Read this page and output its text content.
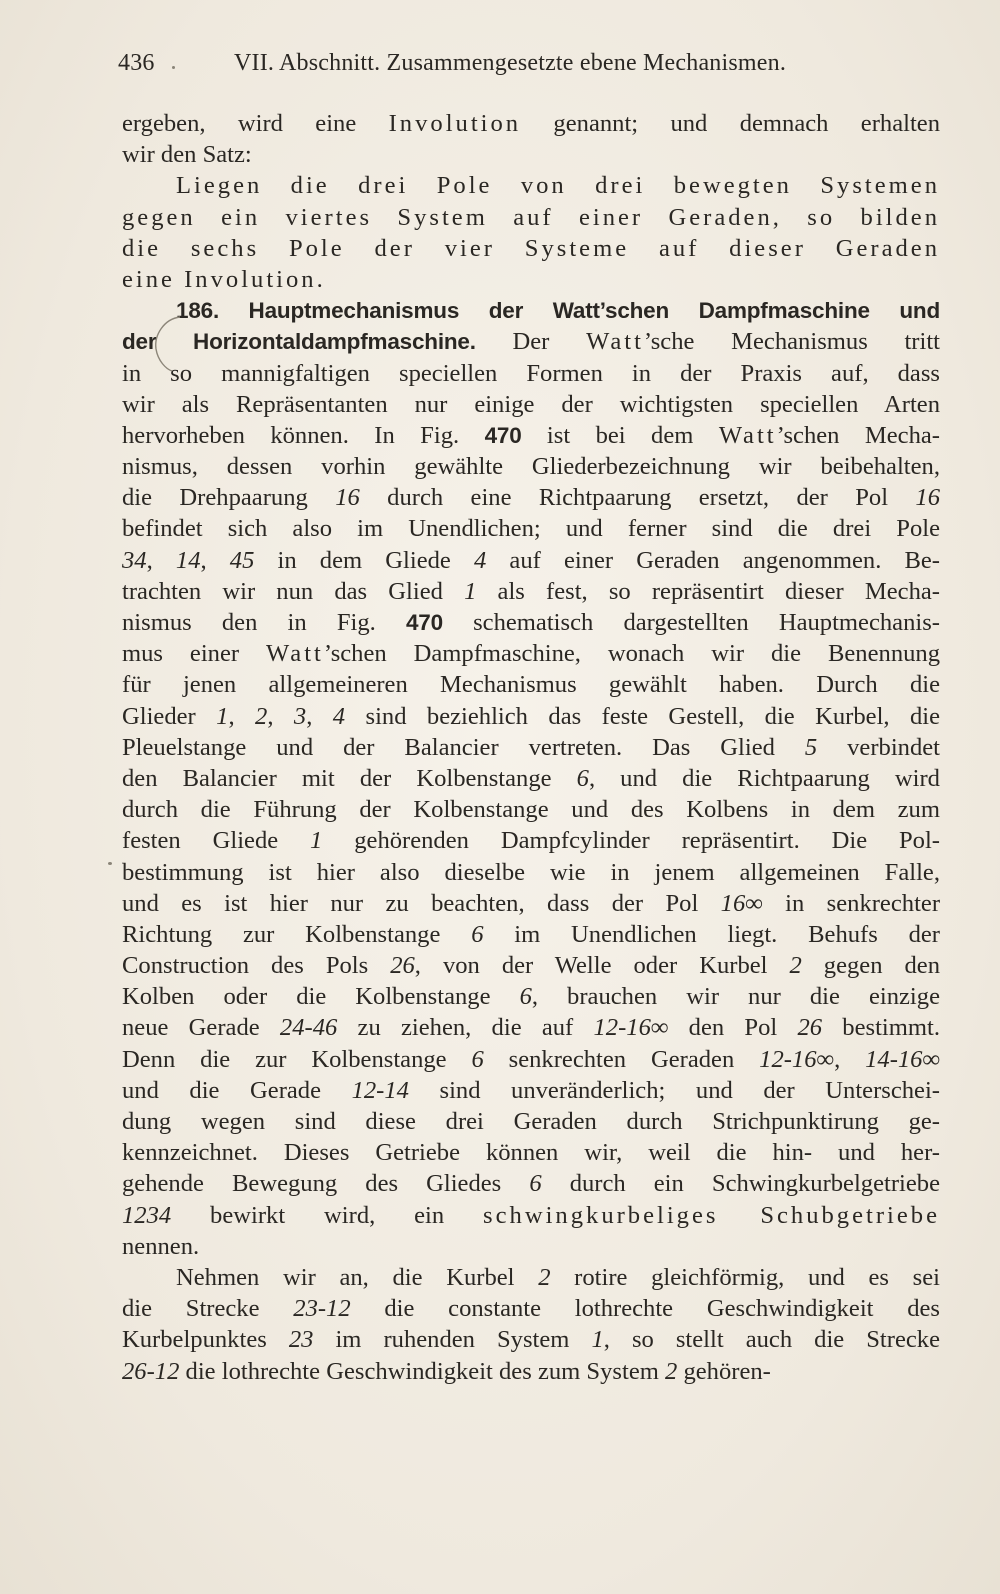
436	VII. Abschnitt. Zusammengesetzte ebene Mechanismen.
ergeben, wird eine Involution genannt; und demnach erhalten
wir den Satz:
Liegen die drei Pole von drei bewegten Systemen
gegen ein viertes System auf einer Geraden, so bilden
die sechs Pole der vier Systeme auf dieser Geraden
eine Involution.
186. Hauptmechanismus der Watt’schen Dampfmaschine und
der Horizontaldampfmaschine. Der Watt’sche Mechanismus tritt
in so mannigfaltigen speciellen Formen in der Praxis auf, dass
wir als Repräsentanten nur einige der wichtigsten speciellen Arten
hervorheben können. In Fig. 470 ist bei dem Watt’schen Mecha-
nismus, dessen vorhin gewählte Gliederbezeichnung wir beibehalten,
die Drehpaarung 16 durch eine Richtpaarung ersetzt, der Pol 16
befindet sich also im Unendlichen; und ferner sind die drei Pole
34, 14, 45 in dem Gliede 4 auf einer Geraden angenommen. Be-
trachten wir nun das Glied 1 als fest, so repräsentirt dieser Mecha-
nismus den in Fig. 470 schematisch dargestellten Hauptmechanis-
mus einer Watt’schen Dampfmaschine, wonach wir die Benennung
für jenen allgemeineren Mechanismus gewählt haben. Durch die
Glieder 1, 2, 3, 4 sind beziehlich das feste Gestell, die Kurbel, die
Pleuelstange und der Balancier vertreten. Das Glied 5 verbindet
den Balancier mit der Kolbenstange 6, und die Richtpaarung wird
durch die Führung der Kolbenstange und des Kolbens in dem zum
festen Gliede 1 gehörenden Dampfcylinder repräsentirt. Die Pol-
bestimmung ist hier also dieselbe wie in jenem allgemeinen Falle,
und es ist hier nur zu beachten, dass der Pol 16∞ in senkrechter
Richtung zur Kolbenstange 6 im Unendlichen liegt. Behufs der
Construction des Pols 26, von der Welle oder Kurbel 2 gegen den
Kolben oder die Kolbenstange 6, brauchen wir nur die einzige
neue Gerade 24-46 zu ziehen, die auf 12-16∞ den Pol 26 bestimmt.
Denn die zur Kolbenstange 6 senkrechten Geraden 12-16∞, 14-16∞
und die Gerade 12-14 sind unveränderlich; und der Unterschei-
dung wegen sind diese drei Geraden durch Strichpunktirung ge-
kennzeichnet. Dieses Getriebe können wir, weil die hin- und her-
gehende Bewegung des Gliedes 6 durch ein Schwingkurbelgetriebe
1234 bewirkt wird, ein schwingkurbeliges Schubgetriebe
nennen.
Nehmen wir an, die Kurbel 2 rotire gleichförmig, und es sei
die Strecke 23-12 die constante lothrechte Geschwindigkeit des
Kurbelpunktes 23 im ruhenden System 1, so stellt auch die Strecke
26-12 die lothrechte Geschwindigkeit des zum System 2 gehören-
